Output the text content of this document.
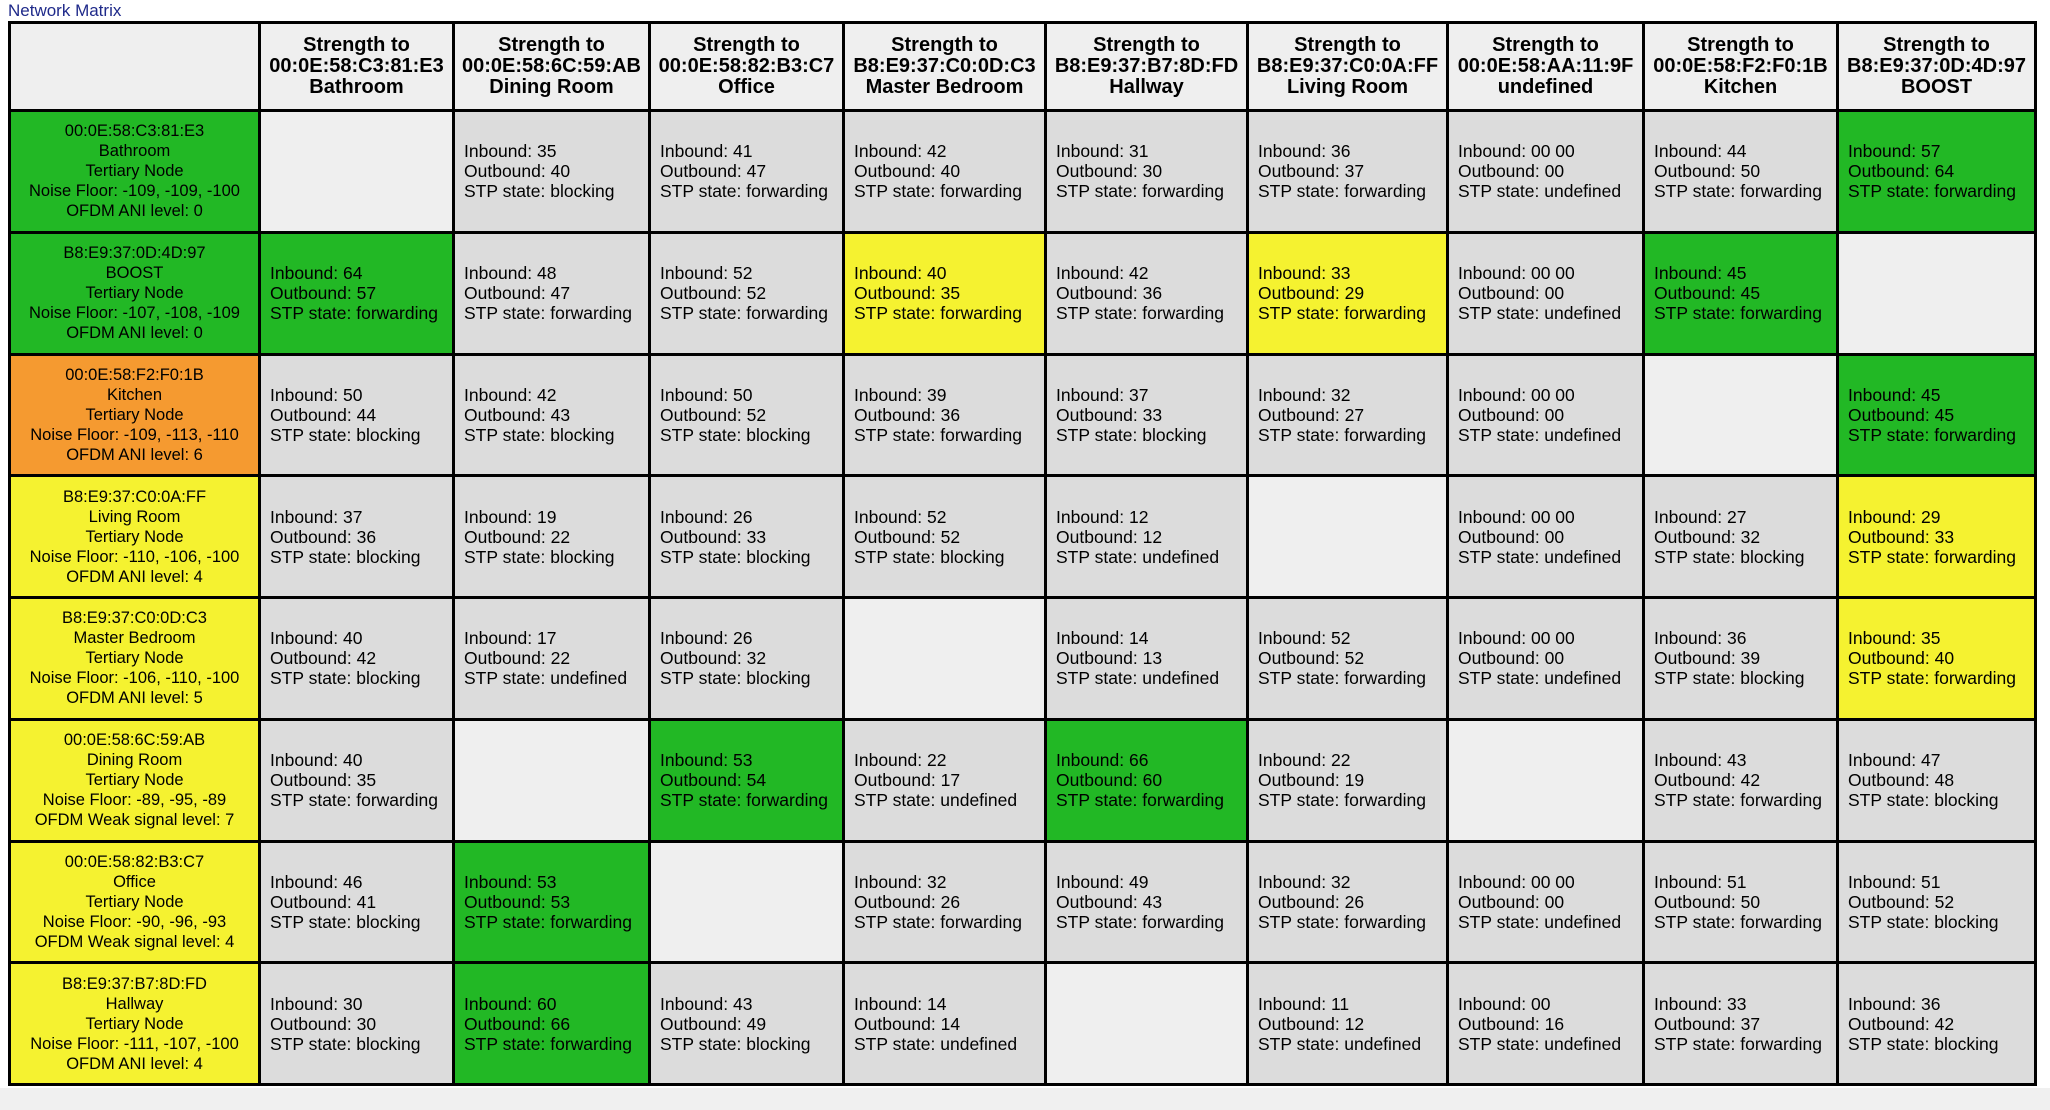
Network Matrix

	Strength to
00:0E:58:C3:81:E3
Bathroom	Strength to
00:0E:58:6C:59:AB
Dining Room	Strength to
00:0E:58:82:B3:C7
Office	Strength to
B8:E9:37:C0:0D:C3
Master Bedroom	Strength to
B8:E9:37:B7:8D:FD
Hallway	Strength to
B8:E9:37:C0:0A:FF
Living Room	Strength to
00:0E:58:AA:11:9F
undefined	Strength to
00:0E:58:F2:F0:1B
Kitchen	Strength to
B8:E9:37:0D:4D:97
BOOST

00:0E:58:C3:81:E3
Bathroom
Tertiary Node
Noise Floor: -109, -109, -100
OFDM ANI level: 0		Inbound: 35
Outbound: 40
STP state: blocking	Inbound: 41
Outbound: 47
STP state: forwarding	Inbound: 42
Outbound: 40
STP state: forwarding	Inbound: 31
Outbound: 30
STP state: forwarding	Inbound: 36
Outbound: 37
STP state: forwarding	Inbound: 00 00
Outbound: 00
STP state: undefined	Inbound: 44
Outbound: 50
STP state: forwarding	Inbound: 57
Outbound: 64
STP state: forwarding

B8:E9:37:0D:4D:97
BOOST
Tertiary Node
Noise Floor: -107, -108, -109
OFDM ANI level: 0	Inbound: 64
Outbound: 57
STP state: forwarding	Inbound: 48
Outbound: 47
STP state: forwarding	Inbound: 52
Outbound: 52
STP state: forwarding	Inbound: 40
Outbound: 35
STP state: forwarding	Inbound: 42
Outbound: 36
STP state: forwarding	Inbound: 33
Outbound: 29
STP state: forwarding	Inbound: 00 00
Outbound: 00
STP state: undefined	Inbound: 45
Outbound: 45
STP state: forwarding	

00:0E:58:F2:F0:1B
Kitchen
Tertiary Node
Noise Floor: -109, -113, -110
OFDM ANI level: 6	Inbound: 50
Outbound: 44
STP state: blocking	Inbound: 42
Outbound: 43
STP state: blocking	Inbound: 50
Outbound: 52
STP state: blocking	Inbound: 39
Outbound: 36
STP state: forwarding	Inbound: 37
Outbound: 33
STP state: blocking	Inbound: 32
Outbound: 27
STP state: forwarding	Inbound: 00 00
Outbound: 00
STP state: undefined		Inbound: 45
Outbound: 45
STP state: forwarding

B8:E9:37:C0:0A:FF
Living Room
Tertiary Node
Noise Floor: -110, -106, -100
OFDM ANI level: 4	Inbound: 37
Outbound: 36
STP state: blocking	Inbound: 19
Outbound: 22
STP state: blocking	Inbound: 26
Outbound: 33
STP state: blocking	Inbound: 52
Outbound: 52
STP state: blocking	Inbound: 12
Outbound: 12
STP state: undefined		Inbound: 00 00
Outbound: 00
STP state: undefined	Inbound: 27
Outbound: 32
STP state: blocking	Inbound: 29
Outbound: 33
STP state: forwarding

B8:E9:37:C0:0D:C3
Master Bedroom
Tertiary Node
Noise Floor: -106, -110, -100
OFDM ANI level: 5	Inbound: 40
Outbound: 42
STP state: blocking	Inbound: 17
Outbound: 22
STP state: undefined	Inbound: 26
Outbound: 32
STP state: blocking		Inbound: 14
Outbound: 13
STP state: undefined	Inbound: 52
Outbound: 52
STP state: forwarding	Inbound: 00 00
Outbound: 00
STP state: undefined	Inbound: 36
Outbound: 39
STP state: blocking	Inbound: 35
Outbound: 40
STP state: forwarding

00:0E:58:6C:59:AB
Dining Room
Tertiary Node
Noise Floor: -89, -95, -89
OFDM Weak signal level: 7	Inbound: 40
Outbound: 35
STP state: forwarding		Inbound: 53
Outbound: 54
STP state: forwarding	Inbound: 22
Outbound: 17
STP state: undefined	Inbound: 66
Outbound: 60
STP state: forwarding	Inbound: 22
Outbound: 19
STP state: forwarding		Inbound: 43
Outbound: 42
STP state: forwarding	Inbound: 47
Outbound: 48
STP state: blocking

00:0E:58:82:B3:C7
Office
Tertiary Node
Noise Floor: -90, -96, -93
OFDM Weak signal level: 4	Inbound: 46
Outbound: 41
STP state: blocking	Inbound: 53
Outbound: 53
STP state: forwarding		Inbound: 32
Outbound: 26
STP state: forwarding	Inbound: 49
Outbound: 43
STP state: forwarding	Inbound: 32
Outbound: 26
STP state: forwarding	Inbound: 00 00
Outbound: 00
STP state: undefined	Inbound: 51
Outbound: 50
STP state: forwarding	Inbound: 51
Outbound: 52
STP state: blocking

B8:E9:37:B7:8D:FD
Hallway
Tertiary Node
Noise Floor: -111, -107, -100
OFDM ANI level: 4	Inbound: 30
Outbound: 30
STP state: blocking	Inbound: 60
Outbound: 66
STP state: forwarding	Inbound: 43
Outbound: 49
STP state: blocking	Inbound: 14
Outbound: 14
STP state: undefined		Inbound: 11
Outbound: 12
STP state: undefined	Inbound: 00
Outbound: 16
STP state: undefined	Inbound: 33
Outbound: 37
STP state: forwarding	Inbound: 36
Outbound: 42
STP state: blocking
